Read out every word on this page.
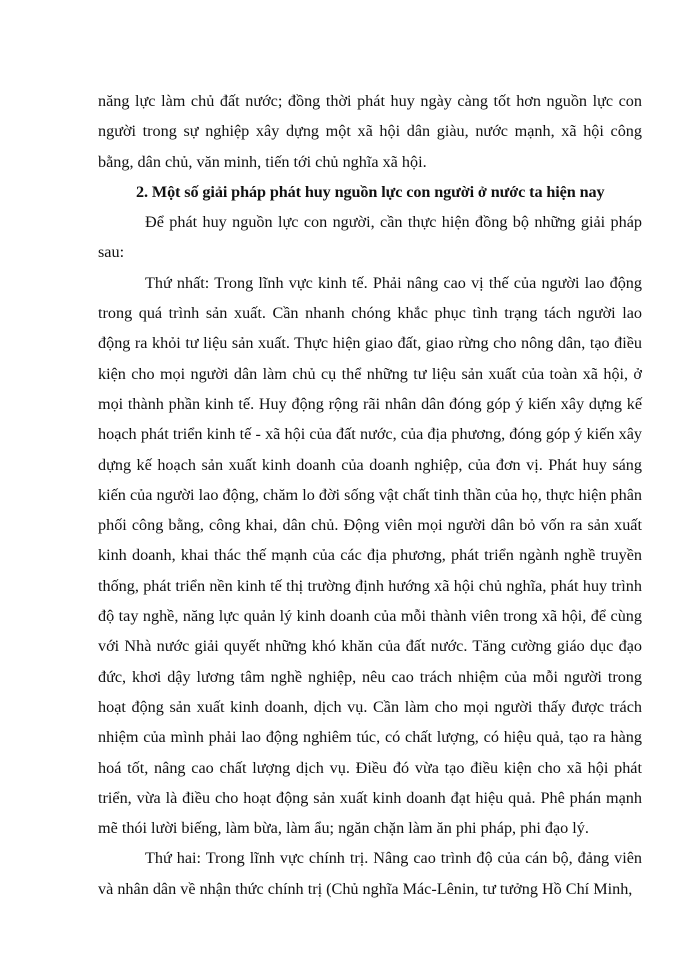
năng lực làm chủ đất nước; đồng thời phát huy ngày càng tốt hơn nguồn lực con người trong sự nghiệp xây dựng một xã hội dân giàu, nước mạnh, xã hội công bằng, dân chủ, văn minh, tiến tới chủ nghĩa xã hội.

2. Một số giải pháp phát huy nguồn lực con người ở nước ta hiện nay

Để phát huy nguồn lực con người, cần thực hiện đồng bộ những giải pháp sau:

Thứ nhất: Trong lĩnh vực kinh tế. Phải nâng cao vị thế của người lao động trong quá trình sản xuất. Cần nhanh chóng khắc phục tình trạng tách người lao động ra khỏi tư liệu sản xuất. Thực hiện giao đất, giao rừng cho nông dân, tạo điều kiện cho mọi người dân làm chủ cụ thể những tư liệu sản xuất của toàn xã hội, ở mọi thành phần kinh tế. Huy động rộng rãi nhân dân đóng góp ý kiến xây dựng kế hoạch phát triển kinh tế - xã hội của đất nước, của địa phương, đóng góp ý kiến xây dựng kế hoạch sản xuất kinh doanh của doanh nghiệp, của đơn vị. Phát huy sáng kiến của người lao động, chăm lo đời sống vật chất tinh thần của họ, thực hiện phân phối công bằng, công khai, dân chủ. Động viên mọi người dân bỏ vốn ra sản xuất kinh doanh, khai thác thế mạnh của các địa phương, phát triển ngành nghề truyền thống, phát triển nền kinh tế thị trường định hướng xã hội chủ nghĩa, phát huy trình độ tay nghề, năng lực quản lý kinh doanh của mỗi thành viên trong xã hội, để cùng với Nhà nước giải quyết những khó khăn của đất nước. Tăng cường giáo dục đạo đức, khơi dậy lương tâm nghề nghiệp, nêu cao trách nhiệm của mỗi người trong hoạt động sản xuất kinh doanh, dịch vụ. Cần làm cho mọi người thấy được trách nhiệm của mình phải lao động nghiêm túc, có chất lượng, có hiệu quả, tạo ra hàng hoá tốt, nâng cao chất lượng dịch vụ. Điều đó vừa tạo điều kiện cho xã hội phát triển, vừa là điều cho hoạt động sản xuất kinh doanh đạt hiệu quả. Phê phán mạnh mẽ thói lười biếng, làm bừa, làm ẩu; ngăn chặn làm ăn phi pháp, phi đạo lý.

Thứ hai: Trong lĩnh vực chính trị. Nâng cao trình độ của cán bộ, đảng viên và nhân dân về nhận thức chính trị (Chủ nghĩa Mác-Lênin, tư tưởng Hồ Chí Minh,
